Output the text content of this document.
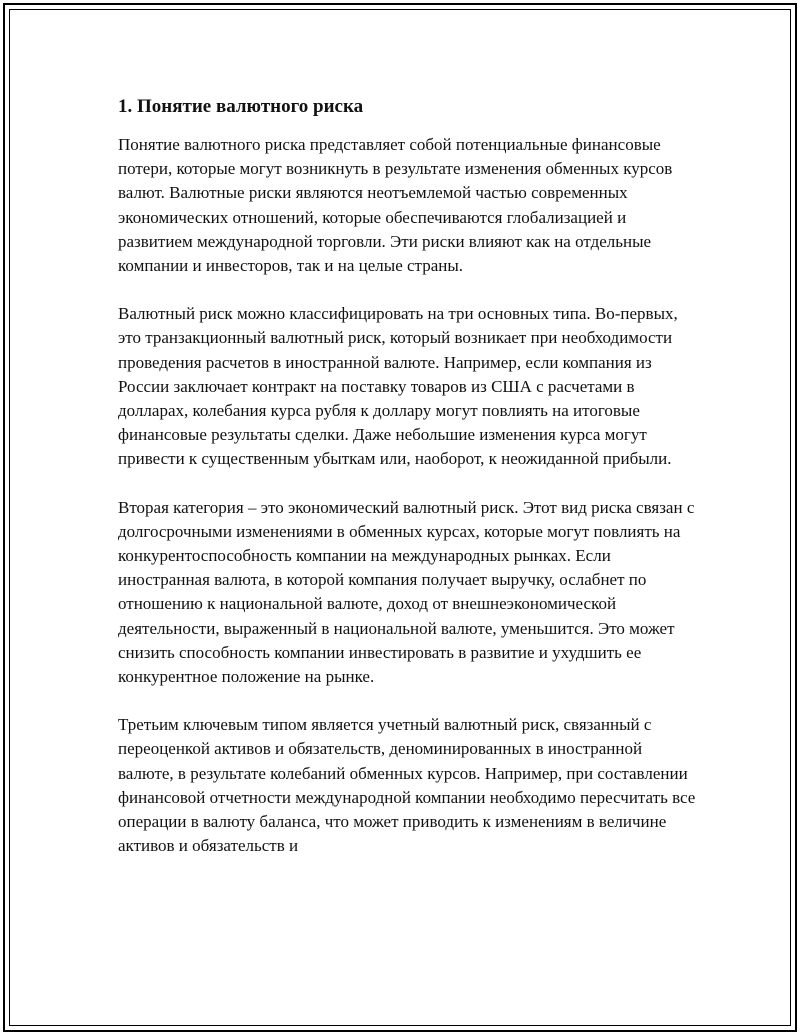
1. Понятие валютного риска

Понятие валютного риска представляет собой потенциальные финансовые потери, которые могут возникнуть в результате изменения обменных курсов валют. Валютные риски являются неотъемлемой частью современных экономических отношений, которые обеспечиваются глобализацией и развитием международной торговли. Эти риски влияют как на отдельные компании и инвесторов, так и на целые страны.

Валютный риск можно классифицировать на три основных типа. Во-первых, это транзакционный валютный риск, который возникает при необходимости проведения расчетов в иностранной валюте. Например, если компания из России заключает контракт на поставку товаров из США с расчетами в долларах, колебания курса рубля к доллару могут повлиять на итоговые финансовые результаты сделки. Даже небольшие изменения курса могут привести к существенным убыткам или, наоборот, к неожиданной прибыли.

Вторая категория – это экономический валютный риск. Этот вид риска связан с долгосрочными изменениями в обменных курсах, которые могут повлиять на конкурентоспособность компании на международных рынках. Если иностранная валюта, в которой компания получает выручку, ослабнет по отношению к национальной валюте, доход от внешнеэкономической деятельности, выраженный в национальной валюте, уменьшится. Это может снизить способность компании инвестировать в развитие и ухудшить ее конкурентное положение на рынке.

Третьим ключевым типом является учетный валютный риск, связанный с переоценкой активов и обязательств, деноминированных в иностранной валюте, в результате колебаний обменных курсов. Например, при составлении финансовой отчетности международной компании необходимо пересчитать все операции в валюту баланса, что может приводить к изменениям в величине активов и обязательств и
